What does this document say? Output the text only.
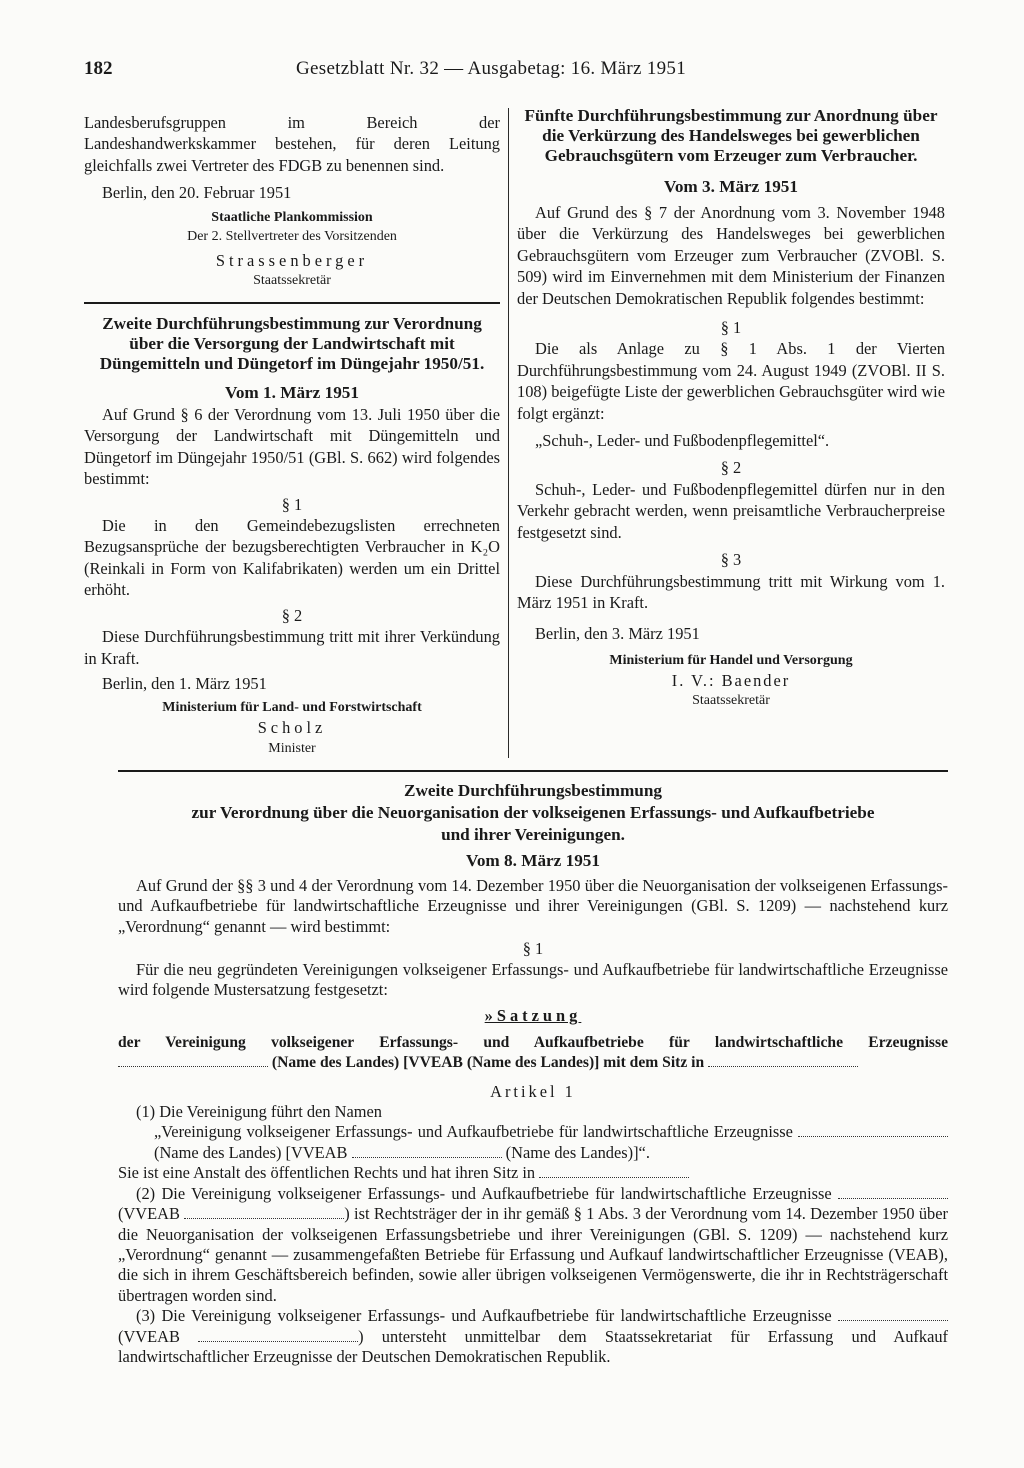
182	Gesetzblatt Nr. 32 — Ausgabetag: 16. März 1951

Landesberufsgruppen im Bereich der Landeshandwerkskammer bestehen, für deren Leitung gleichfalls zwei Vertreter des FDGB zu benennen sind.

Berlin, den 20. Februar 1951

Staatliche Plankommission

Der 2. Stellvertreter des Vorsitzenden

Strassenberger

Staatssekretär

Zweite Durchführungsbestimmung zur Verordnung über die Versorgung der Landwirtschaft mit Düngemitteln und Düngetorf im Düngejahr 1950/51.

Vom 1. März 1951

Auf Grund § 6 der Verordnung vom 13. Juli 1950 über die Versorgung der Landwirtschaft mit Düngemitteln und Düngetorf im Düngejahr 1950/51 (GBl. S. 662) wird folgendes bestimmt:

§ 1

Die in den Gemeindebezugslisten errechneten Bezugsansprüche der bezugsberechtigten Verbraucher in K₂O (Reinkali in Form von Kalifabrikaten) werden um ein Drittel erhöht.

§ 2

Diese Durchführungsbestimmung tritt mit ihrer Verkündung in Kraft.

Berlin, den 1. März 1951

Ministerium für Land- und Forstwirtschaft

Scholz

Minister

Fünfte Durchführungsbestimmung zur Anordnung über die Verkürzung des Handelsweges bei gewerblichen Gebrauchsgütern vom Erzeuger zum Verbraucher.

Vom 3. März 1951

Auf Grund des § 7 der Anordnung vom 3. November 1948 über die Verkürzung des Handelsweges bei gewerblichen Gebrauchsgütern vom Erzeuger zum Verbraucher (ZVOBl. S. 509) wird im Einvernehmen mit dem Ministerium der Finanzen der Deutschen Demokratischen Republik folgendes bestimmt:

§ 1

Die als Anlage zu § 1 Abs. 1 der Vierten Durchführungsbestimmung vom 24. August 1949 (ZVOBl. II S. 108) beigefügte Liste der gewerblichen Gebrauchsgüter wird wie folgt ergänzt:

„Schuh-, Leder- und Fußbodenpflegemittel“.

§ 2

Schuh-, Leder- und Fußbodenpflegemittel dürfen nur in den Verkehr gebracht werden, wenn preisamtliche Verbraucherpreise festgesetzt sind.

§ 3

Diese Durchführungsbestimmung tritt mit Wirkung vom 1. März 1951 in Kraft.

Berlin, den 3. März 1951

Ministerium für Handel und Versorgung

I. V.: Baender

Staatssekretär

Zweite Durchführungsbestimmung

zur Verordnung über die Neuorganisation der volkseigenen Erfassungs- und Aufkaufbetriebe

und ihrer Vereinigungen.

Vom 8. März 1951

Auf Grund der §§ 3 und 4 der Verordnung vom 14. Dezember 1950 über die Neuorganisation der volkseigenen Erfassungs- und Aufkaufbetriebe für landwirtschaftliche Erzeugnisse und ihrer Vereinigungen (GBl. S. 1209) — nachstehend kurz „Verordnung“ genannt — wird bestimmt:

§ 1

Für die neu gegründeten Vereinigungen volkseigener Erfassungs- und Aufkaufbetriebe für landwirtschaftliche Erzeugnisse wird folgende Mustersatzung festgesetzt:

»Satzung

der Vereinigung volkseigener Erfassungs- und Aufkaufbetriebe für landwirtschaftliche Erzeugnisse

(Name des Landes) [VVEAB (Name des Landes)] mit dem Sitz in

Artikel 1

(1) Die Vereinigung führt den Namen

„Vereinigung volkseigener Erfassungs- und Aufkaufbetriebe für landwirtschaftliche Erzeugnisse  (Name des Landes) [VVEAB	(Name des Landes)]“.

Sie ist eine Anstalt des öffentlichen Rechts und hat ihren Sitz in

(2) Die Vereinigung volkseigener Erfassungs- und Aufkaufbetriebe für landwirtschaftliche Erzeugnisse  (VVEAB	) ist Rechtsträger der in ihr gemäß § 1 Abs. 3 der Verordnung vom 14. Dezember 1950 über die Neuorganisation der volkseigenen Erfassungsbetriebe und ihrer Vereinigungen (GBl. S. 1209) — nachstehend kurz „Verordnung“ genannt — zusammengefaßten Betriebe für Erfassung und Aufkauf landwirtschaftlicher Erzeugnisse (VEAB), die sich in ihrem Geschäftsbereich befinden, sowie aller übrigen volkseigenen Vermögenswerte, die ihr in Rechtsträgerschaft übertragen worden sind.

(3) Die Vereinigung volkseigener Erfassungs- und Aufkaufbetriebe für landwirtschaftliche Erzeugnisse  (VVEAB	) untersteht unmittelbar dem Staatssekretariat für Erfassung und Aufkauf landwirtschaftlicher Erzeugnisse der Deutschen Demokratischen Republik.
